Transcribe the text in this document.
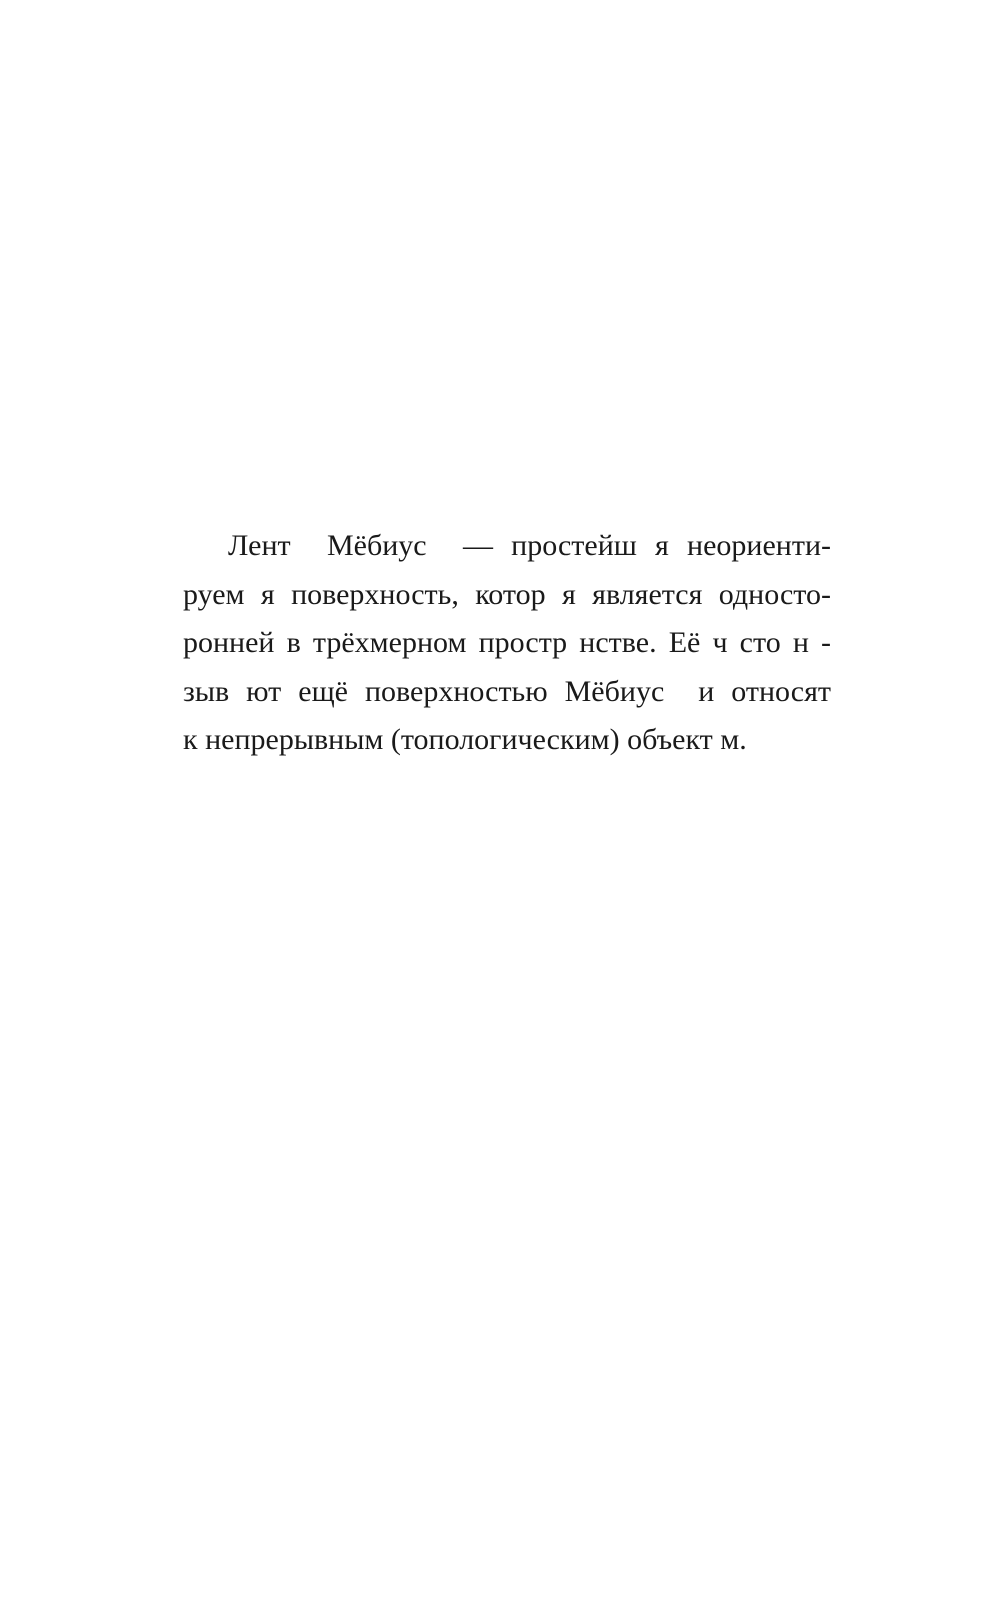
Лент  Мёбиус  — простейш я неориенти-
руем я поверхность, котор я является односто-
ронней в трёхмерном простр нстве. Её ч сто н -
зыв ют ещё поверхностью Мёбиус  и относят
к непрерывным (топологическим) объект м.
